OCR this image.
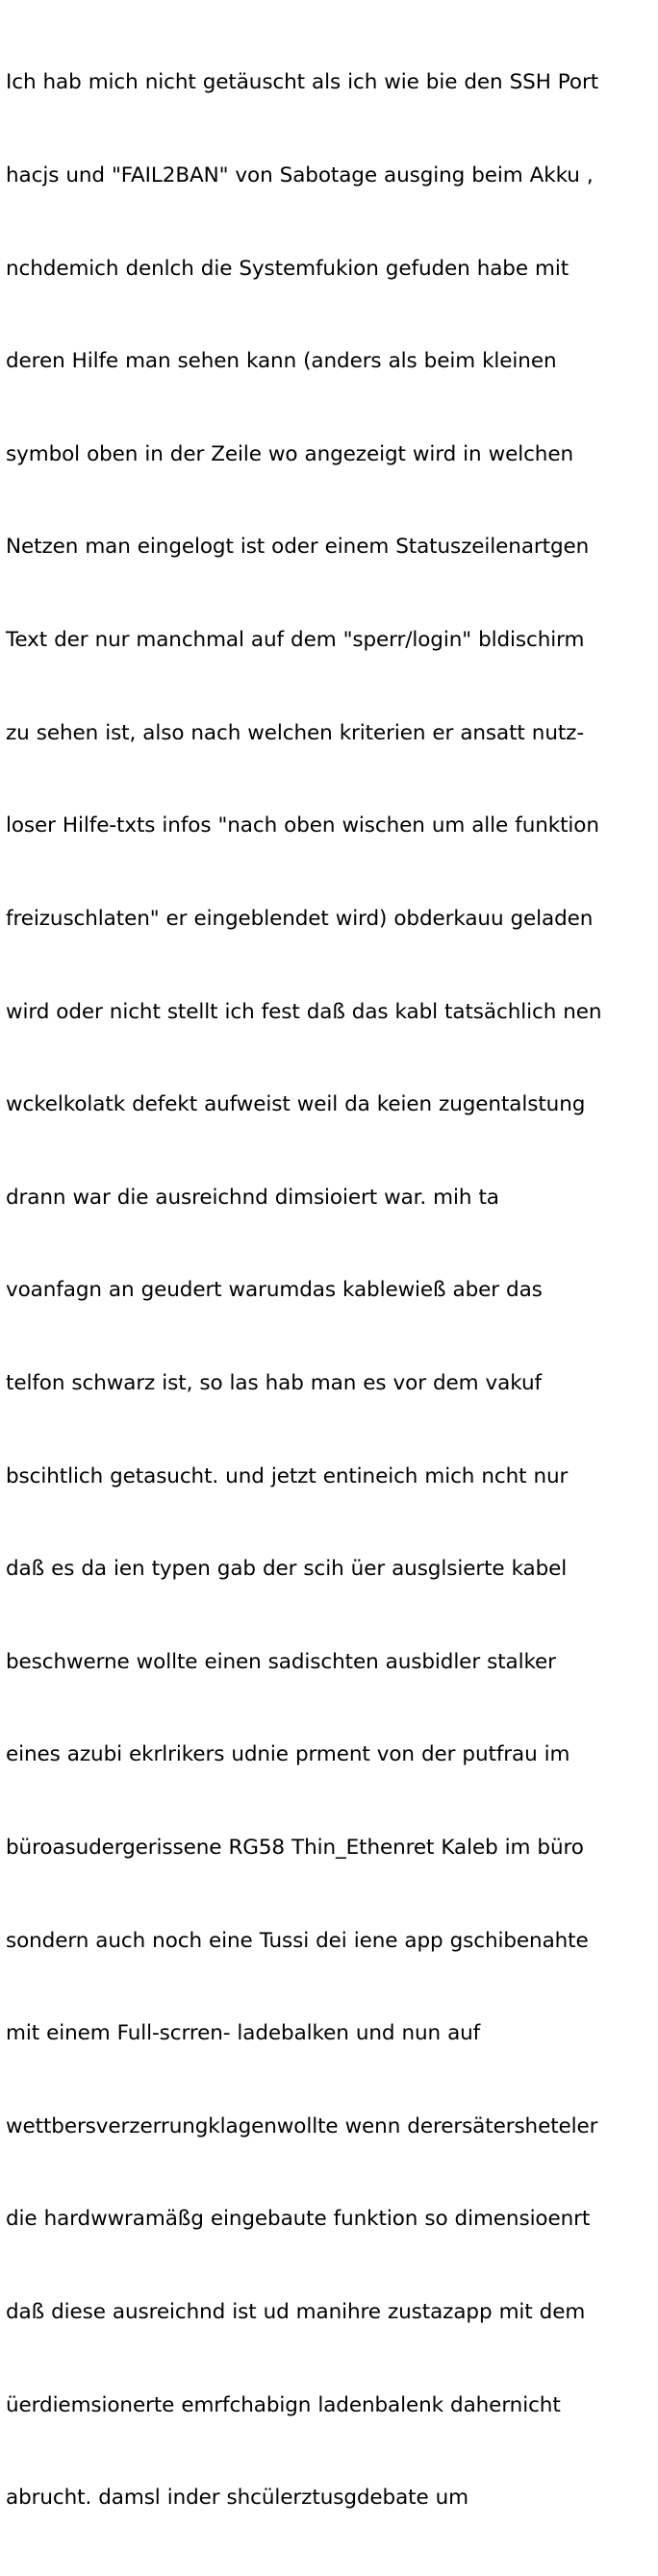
Ich hab mich nicht getäuscht als ich wie bie den SSH Port

hacjs und "FAIL2BAN" von Sabotage ausging beim Akku ,

nchdemich denlch die Systemfukion gefuden habe mit

deren Hilfe man sehen kann (anders als beim kleinen

symbol oben in der Zeile wo angezeigt wird in welchen

Netzen man eingelogt ist oder einem Statuszeilenartgen

Text der nur manchmal auf dem "sperr/login" bldischirm

zu sehen ist, also nach welchen kriterien er ansatt nutz-

loser Hilfe-txts infos "nach oben wischen um alle funktion

freizuschlaten" er eingeblendet wird) obderkauu geladen

wird oder nicht stellt ich fest daß das kabl tatsächlich nen

wckelkolatk defekt aufweist weil da keien zugentalstung

drann war die ausreichnd dimsioiert war. mih ta

voanfagn an geudert warumdas kablewieß aber das

telfon schwarz ist, so las hab man es vor dem vakuf

bscihtlich getasucht. und jetzt entineich mich ncht nur

daß es da ien typen gab der scih üer ausglsierte kabel

beschwerne wollte einen sadischten ausbidler stalker

eines azubi ekrlrikers udnie prment von der putfrau im

büroasudergerissene RG58 Thin_Ethenret Kaleb im büro

sondern auch noch eine Tussi dei iene app gschibenahte

mit einem Full-scrren- ladebalken und nun auf

wettbersverzerrungklagenwollte wenn derersätersheteler

die hardwwramäßg eingebaute funktion so dimensioenrt

daß diese ausreichnd ist ud manihre zustazapp mit dem

üerdiemsionerte emrfchabign ladenbalenk dahernicht

abrucht. damsl inder shcülerztusgdebate um
